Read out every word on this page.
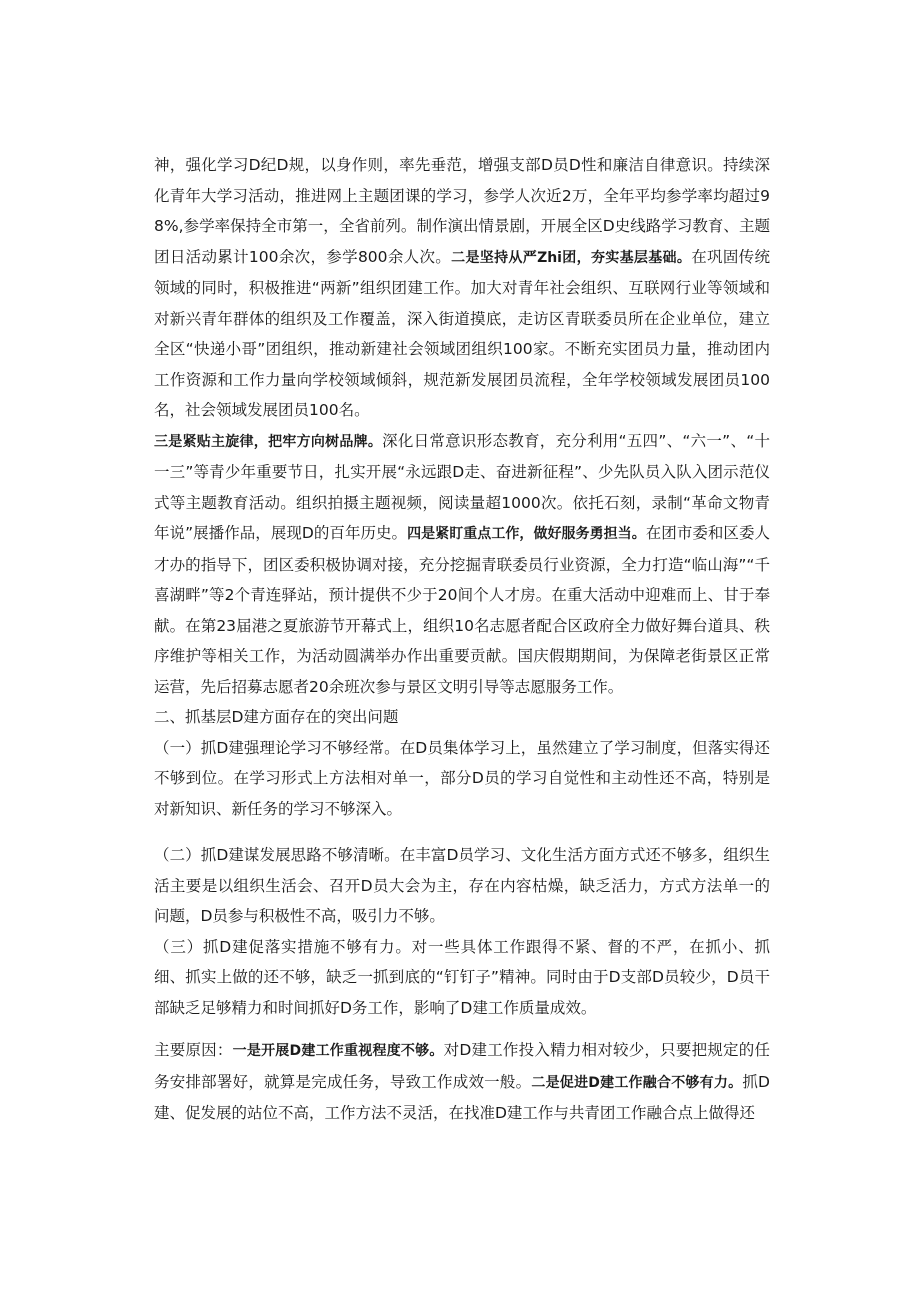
神，强化学习D纪D规，以身作则，率先垂范，增强支部D员D性和廉洁自律意识。持续深化青年大学习活动，推进网上主题团课的学习，参学人次近2万，全年平均参学率均超过98%,参学率保持全市第一，全省前列。制作演出情景剧，开展全区D史线路学习教育、主题团日活动累计100余次，参学800余人次。二是坚持从严Zhi团，夯实基层基础。在巩固传统领域的同时，积极推进“两新”组织团建工作。加大对青年社会组织、互联网行业等领域和对新兴青年群体的组织及工作覆盖，深入街道摸底，走访区青联委员所在企业单位，建立全区“快递小哥”团组织，推动新建社会领域团组织100家。不断充实团员力量，推动团内工作资源和工作力量向学校领域倾斜，规范新发展团员流程，全年学校领域发展团员100名，社会领域发展团员100名。

三是紧贴主旋律，把牢方向树品牌。深化日常意识形态教育，充分利用“五四”、“六一”、“十一三”等青少年重要节日，扎实开展“永远跟D走、奋进新征程”、少先队员入队入团示范仪式等主题教育活动。组织拍摄主题视频，阅读量超1000次。依托石刻，录制“革命文物青年说”展播作品，展现D的百年历史。四是紧盯重点工作，做好服务勇担当。在团市委和区委人才办的指导下，团区委积极协调对接，充分挖掘青联委员行业资源，全力打造“临山海”“千喜湖畔”等2个青连驿站，预计提供不少于20间个人才房。在重大活动中迎难而上、甘于奉献。在第23届港之夏旅游节开幕式上，组织10名志愿者配合区政府全力做好舞台道具、秩序维护等相关工作，为活动圆满举办作出重要贡献。国庆假期期间，为保障老街景区正常运营，先后招募志愿者20余班次参与景区文明引导等志愿服务工作。

二、抓基层D建方面存在的突出问题

（一）抓D建强理论学习不够经常。在D员集体学习上，虽然建立了学习制度，但落实得还不够到位。在学习形式上方法相对单一，部分D员的学习自觉性和主动性还不高，特别是对新知识、新任务的学习不够深入。

（二）抓D建谋发展思路不够清晰。在丰富D员学习、文化生活方面方式还不够多，组织生活主要是以组织生活会、召开D员大会为主，存在内容枯燥，缺乏活力，方式方法单一的问题，D员参与积极性不高，吸引力不够。

（三）抓D建促落实措施不够有力。对一些具体工作跟得不紧、督的不严，在抓小、抓细、抓实上做的还不够，缺乏一抓到底的“钉钉子”精神。同时由于D支部D员较少，D员干部缺乏足够精力和时间抓好D务工作，影响了D建工作质量成效。

主要原因：一是开展D建工作重视程度不够。对D建工作投入精力相对较少，只要把规定的任务安排部署好，就算是完成任务，导致工作成效一般。二是促进D建工作融合不够有力。抓D建、促发展的站位不高，工作方法不灵活，在找准D建工作与共青团工作融合点上做得还
